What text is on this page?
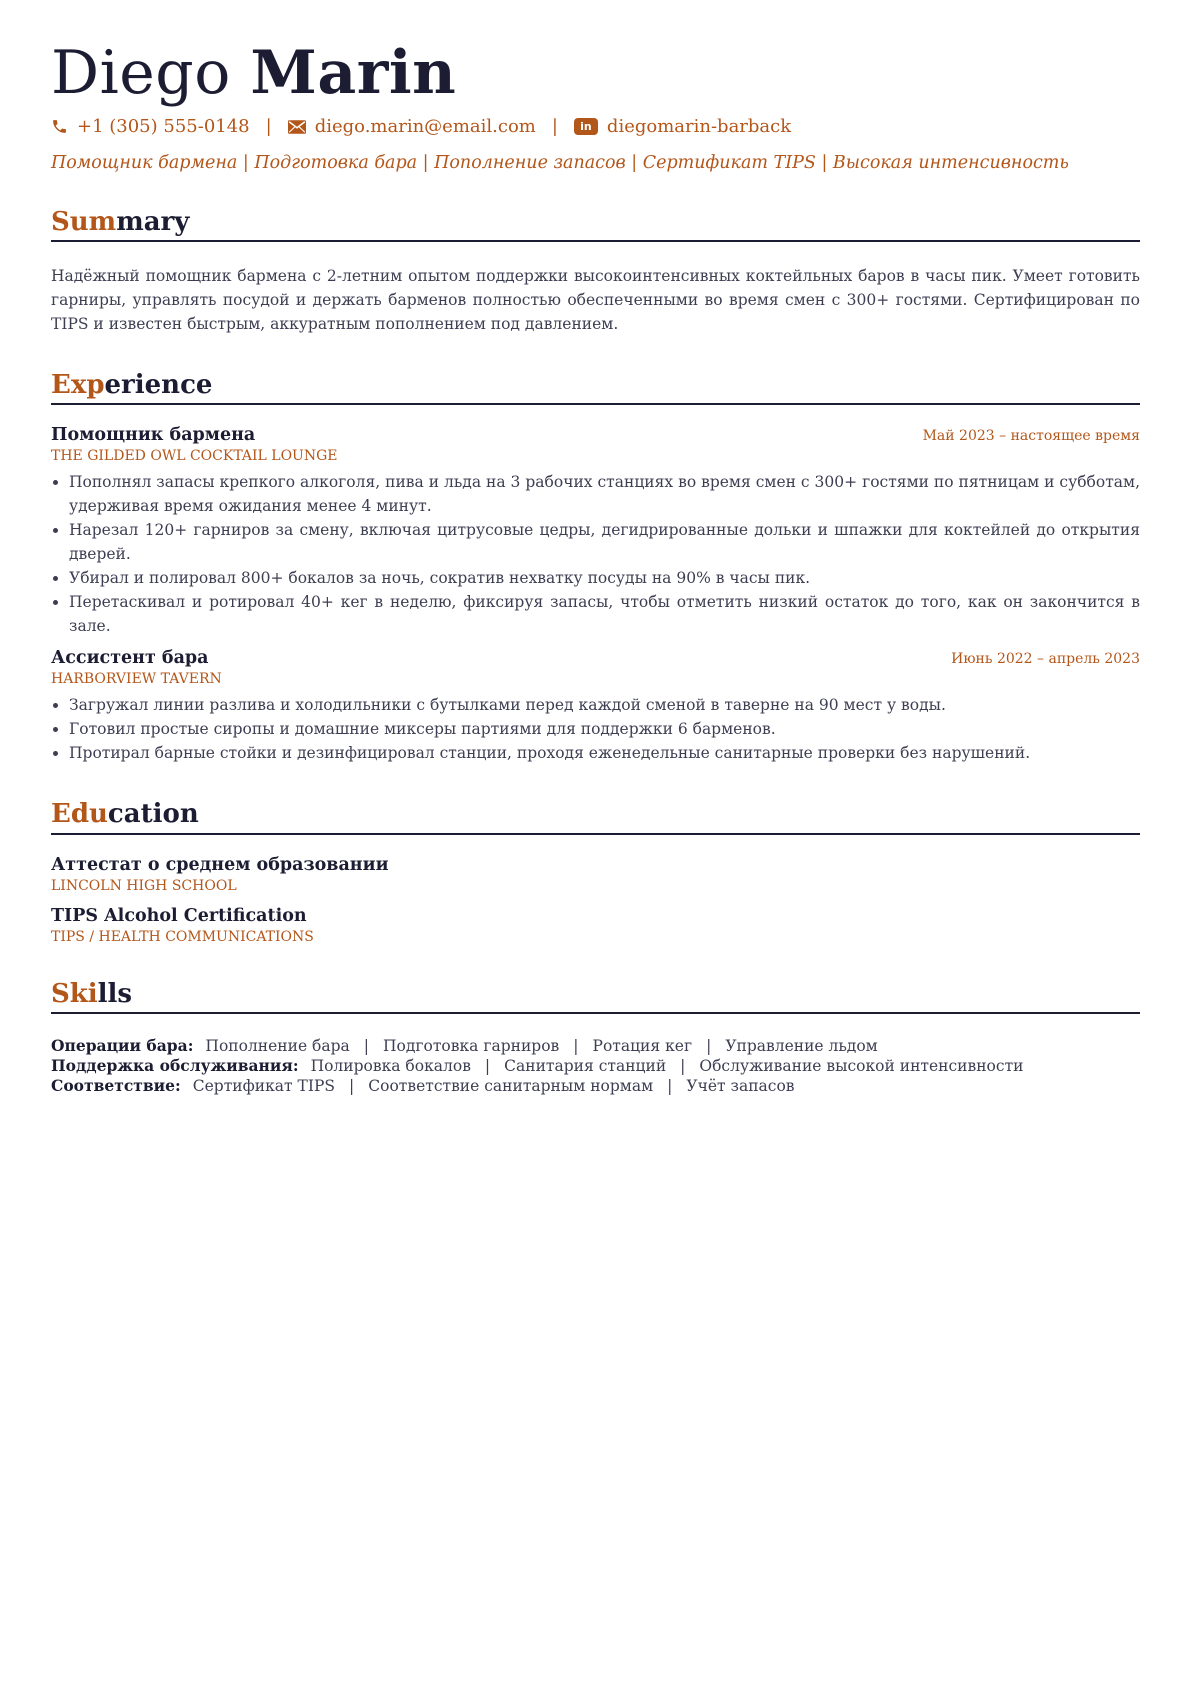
Diego Marin
+1 (305) 555-0148 | diego.marin@email.com |	in diegomarin-barback
Помощник бармена | Подготовка бара | Пополнение запасов | Сертификат TIPS | Высокая интенсивность
Summary

Надёжный помощник бармена с 2-летним опытом поддержки высокоинтенсивных коктейльных баров в часы пик. Умеет готовить гарниры, управлять посудой и держать барменов полностью обеспеченными во время смен с 300+ гостями. Сертифицирован по TIPS и известен быстрым, аккуратным пополнением под давлением.

Experience
Помощник бармена	Май 2023 – настоящее время
THE GILDED OWL COCKTAIL LOUNGE
• Пополнял запасы крепкого алкоголя, пива и льда на 3 рабочих станциях во время смен с 300+ гостями по пятницам и субботам, удерживая время ожидания менее 4 минут.
• Нарезал 120+ гарниров за смену, включая цитрусовые цедры, дегидрированные дольки и шпажки для коктейлей до открытия дверей.
• Убирал и полировал 800+ бокалов за ночь, сократив нехватку посуды на 90% в часы пик.
• Перетаскивал и ротировал 40+ кег в неделю, фиксируя запасы, чтобы отметить низкий остаток до того, как он закончится в зале.
Ассистент бара	Июнь 2022 – апрель 2023
HARBORVIEW TAVERN
• Загружал линии разлива и холодильники с бутылками перед каждой сменой в таверне на 90 мест у воды.
• Готовил простые сиропы и домашние миксеры партиями для поддержки 6 барменов.
• Протирал барные стойки и дезинфицировал станции, проходя еженедельные санитарные проверки без нарушений.
Education
Аттестат о среднем образовании
LINCOLN HIGH SCHOOL
TIPS Alcohol Certification
TIPS / HEALTH COMMUNICATIONS
Skills
Операции бара: Пополнение бара | Подготовка гарниров | Ротация кег | Управление льдом
Поддержка обслуживания: Полировка бокалов | Санитария станций | Обслуживание высокой интенсивности
Соответствие: Сертификат TIPS | Соответствие санитарным нормам | Учёт запасов
